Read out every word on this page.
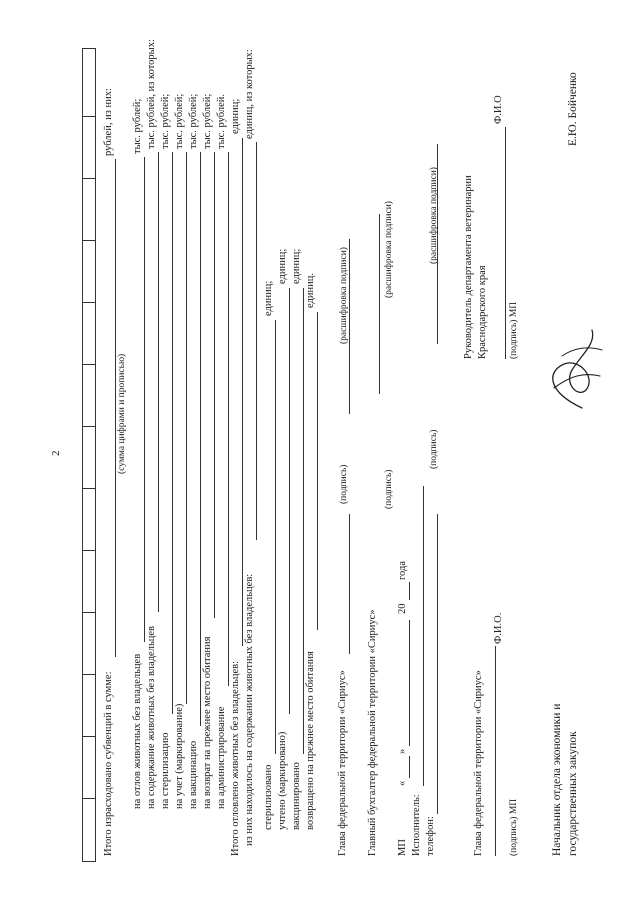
2
Итого израсходовано субвенций в сумме:
рублей, из них:
(сумма цифрами и прописью)
на отлов животных без владельцев
тыс. рублей;
на содержание животных без владельцев
тыс. рублей, из которых:
на стерилизацию
тыс. рублей;
на учет (маркирование)
тыс. рублей;
на вакцинацию
тыс. рублей;
на возврат на прежнее место обитания
тыс. рублей;
на администрирование
тыс. рублей.
Итого отловлено животных без владельцев:
единиц;
из них находилось на содержании животных без владельцев:
единиц, из которых:
стерилизовано
единиц;
учтено (маркировано)
единиц;
вакцинировано
единиц;
возвращено на прежнее место обитания
единиц.
Глава федеральной территории «Сириус»
(подпись)
(расшифровка подписи)
Главный бухгалтер федеральной территории «Сириус»
(подпись)
(расшифровка подписи)
МП
«
»
20
года
Исполнитель: телефон:
(подпись)
(расшифровка подписи)
Глава федеральной территории «Сириус»
Ф.И.О.
(подпись) МП
Руководитель департамента ветеринарии Краснодарского края
Ф.И.О
(подпись) МП
Начальник отдела экономики и государственных закупок
Е.Ю. Бойченко
